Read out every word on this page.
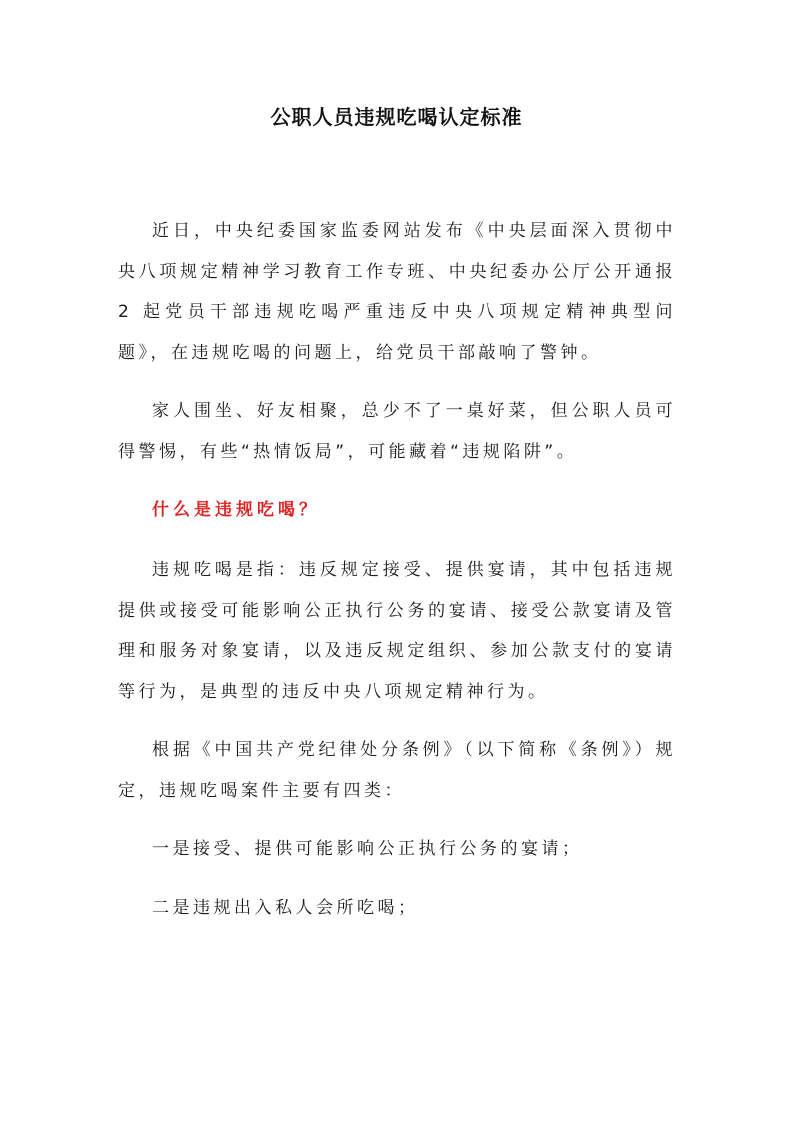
公职人员违规吃喝认定标准

近日，中央纪委国家监委网站发布《中央层面深入贯彻中央八项规定精神学习教育工作专班、中央纪委办公厅公开通报 2 起党员干部违规吃喝严重违反中央八项规定精神典型问题》，在违规吃喝的问题上，给党员干部敲响了警钟。

家人围坐、好友相聚，总少不了一桌好菜，但公职人员可得警惕，有些“热情饭局”，可能藏着“违规陷阱”。

什么是违规吃喝？

违规吃喝是指：违反规定接受、提供宴请，其中包括违规提供或接受可能影响公正执行公务的宴请、接受公款宴请及管理和服务对象宴请，以及违反规定组织、参加公款支付的宴请等行为，是典型的违反中央八项规定精神行为。

根据《中国共产党纪律处分条例》（以下简称《条例》）规定，违规吃喝案件主要有四类：

一是接受、提供可能影响公正执行公务的宴请；

二是违规出入私人会所吃喝；
